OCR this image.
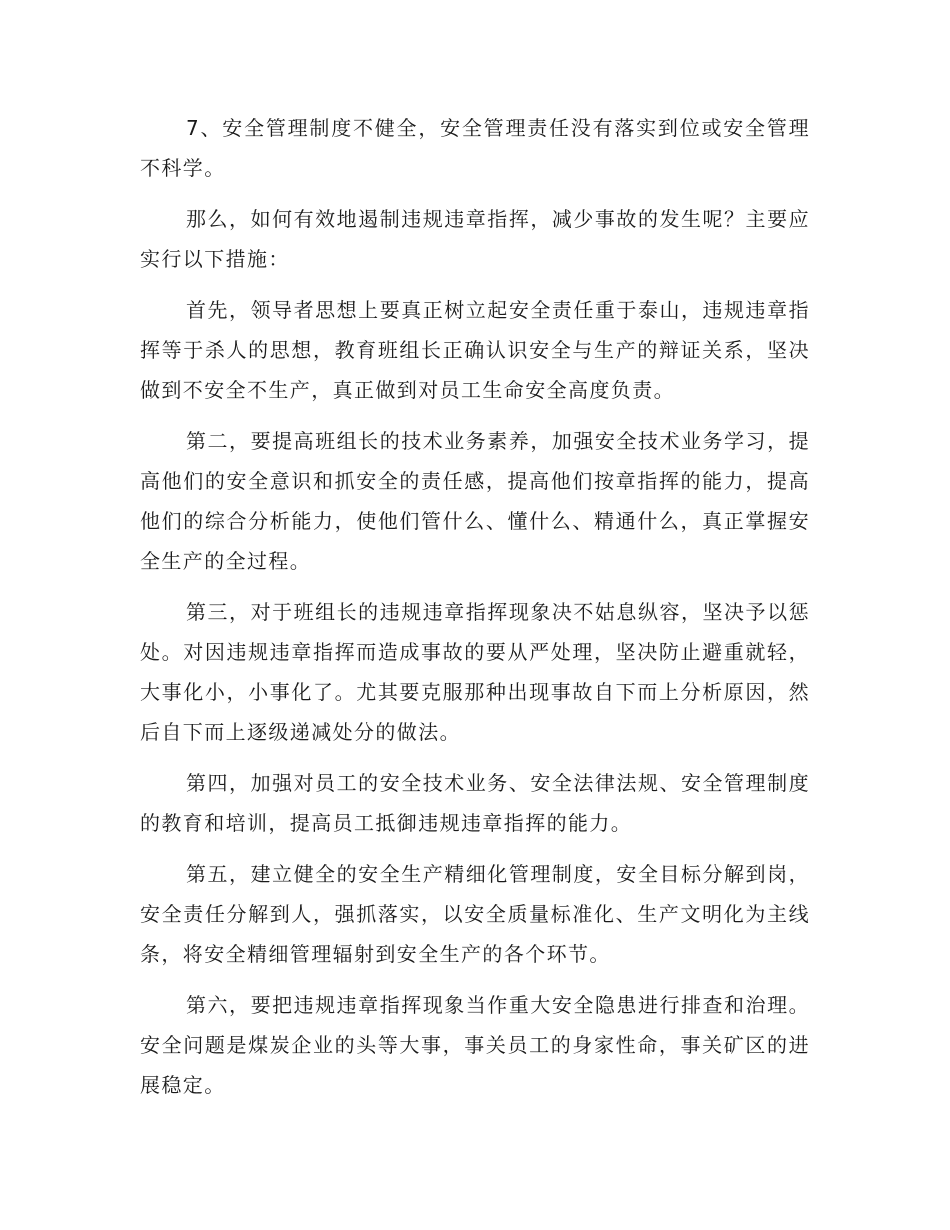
7、安全管理制度不健全，安全管理责任没有落实到位或安全管理不科学。

那么，如何有效地遏制违规违章指挥，减少事故的发生呢？主要应实行以下措施：

首先，领导者思想上要真正树立起安全责任重于泰山，违规违章指挥等于杀人的思想，教育班组长正确认识安全与生产的辩证关系，坚决做到不安全不生产，真正做到对员工生命安全高度负责。

第二，要提高班组长的技术业务素养，加强安全技术业务学习，提高他们的安全意识和抓安全的责任感，提高他们按章指挥的能力，提高他们的综合分析能力，使他们管什么、懂什么、精通什么，真正掌握安全生产的全过程。

第三，对于班组长的违规违章指挥现象决不姑息纵容，坚决予以惩处。对因违规违章指挥而造成事故的要从严处理，坚决防止避重就轻，大事化小，小事化了。尤其要克服那种出现事故自下而上分析原因，然后自下而上逐级递减处分的做法。

第四，加强对员工的安全技术业务、安全法律法规、安全管理制度的教育和培训，提高员工抵御违规违章指挥的能力。

第五，建立健全的安全生产精细化管理制度，安全目标分解到岗，安全责任分解到人，强抓落实，以安全质量标准化、生产文明化为主线条，将安全精细管理辐射到安全生产的各个环节。

第六，要把违规违章指挥现象当作重大安全隐患进行排查和治理。 安全问题是煤炭企业的头等大事，事关员工的身家性命，事关矿区的进展稳定。
